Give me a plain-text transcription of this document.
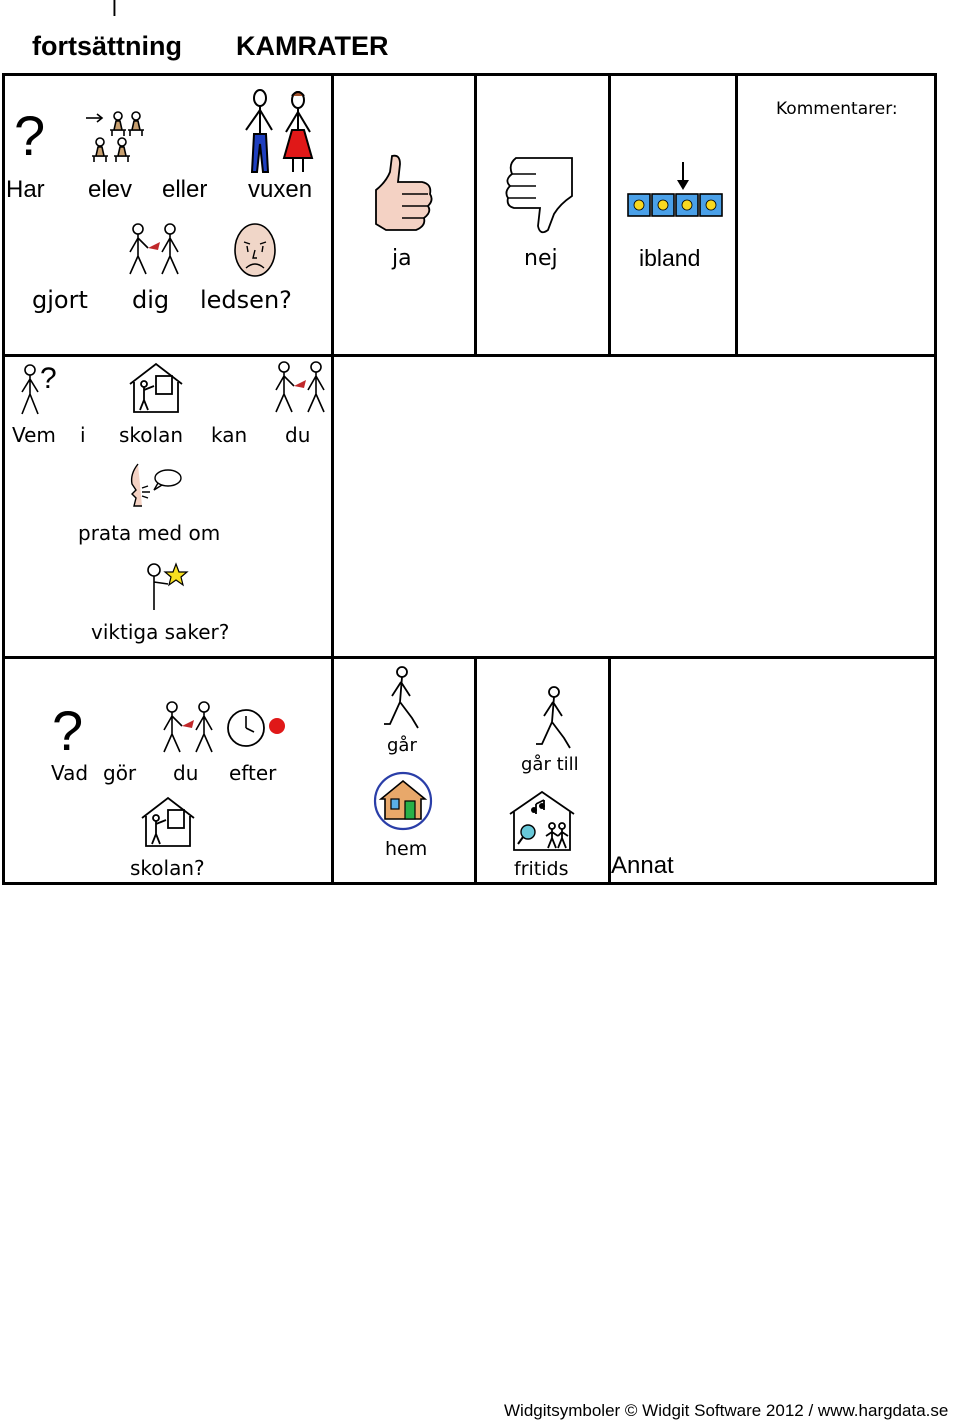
l
fortsättning KAMRATER
?
Har elev eller vuxen
gjort dig ledsen?
ja	nej	ibland
Kommentarer:
?
Vem i skolan kan du
prata med om
viktiga saker?
?
Vad gör du efter
skolan?
går
hem
går till
fritids Annat
Widgitsymboler © Widgit Software 2012 / www.hargdata.se
